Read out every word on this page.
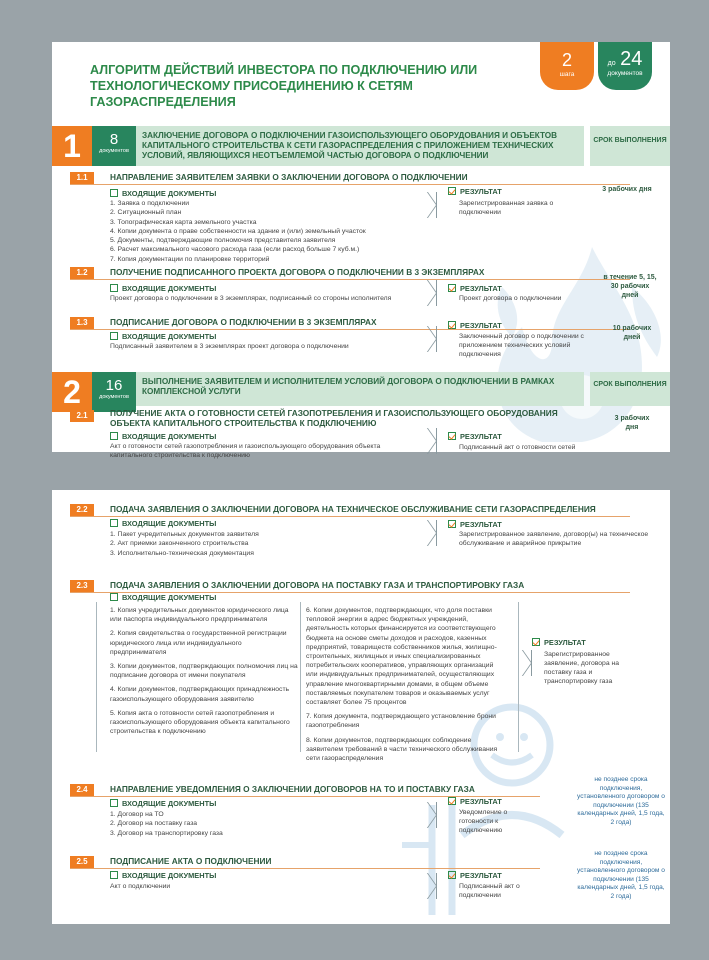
АЛГОРИТМ ДЕЙСТВИЙ ИНВЕСТОРА ПО ПОДКЛЮЧЕНИЮ ИЛИ ТЕХНОЛОГИЧЕСКОМУ ПРИСОЕДИНЕНИЮ К СЕТЯМ ГАЗОРАСПРЕДЕЛЕНИЯ
2
шага
до 24
документов
1	8
документов
ЗАКЛЮЧЕНИЕ ДОГОВОРА О ПОДКЛЮЧЕНИИ ГАЗОИСПОЛЬЗУЮЩЕГО ОБОРУДОВАНИЯ И ОБЪЕКТОВ КАПИТАЛЬНОГО СТРОИТЕЛЬСТВА К СЕТИ ГАЗОРАСПРЕДЕЛЕНИЯ С ПРИЛОЖЕНИЕМ ТЕХНИЧЕСКИХ УСЛОВИЙ, ЯВЛЯЮЩИХСЯ НЕОТЪЕМЛЕМОЙ ЧАСТЬЮ ДОГОВОРА О ПОДКЛЮЧЕНИИ
СРОК ВЫПОЛНЕНИЯ
1.1	НАПРАВЛЕНИЕ ЗАЯВИТЕЛЕМ ЗАЯВКИ О ЗАКЛЮЧЕНИИ ДОГОВОРА О ПОДКЛЮЧЕНИИ
ВХОДЯЩИЕ ДОКУМЕНТЫ
1. Заявка о подключении
2. Ситуационный план
3. Топографическая карта земельного участка
4. Копии документа о праве собственности на здание и (или) земельный участок
5. Документы, подтверждающие полномочия представителя заявителя
6. Расчет максимального часового расхода газа (если расход больше 7 куб.м.)
7. Копия документации по планировке территорий
РЕЗУЛЬТАТ
Зарегистрированная заявка о подключении
3 рабочих дня
1.2	ПОЛУЧЕНИЕ ПОДПИСАННОГО ПРОЕКТА ДОГОВОРА О ПОДКЛЮЧЕНИИ В 3 ЭКЗЕМПЛЯРАХ
ВХОДЯЩИЕ ДОКУМЕНТЫ
Проект договора о подключении в 3 экземплярах, подписанный со стороны исполнителя
РЕЗУЛЬТАТ
Проект договора о подключении
в течение 5, 15, 30 рабочих дней
1.3	ПОДПИСАНИЕ ДОГОВОРА О ПОДКЛЮЧЕНИИ В 3 ЭКЗЕМПЛЯРАХ
ВХОДЯЩИЕ ДОКУМЕНТЫ
Подписанный заявителем в 3 экземплярах проект договора о подключении
РЕЗУЛЬТАТ
Заключенный договор о подключении с приложением технических условий подключения
10 рабочих дней
2	16
документов
ВЫПОЛНЕНИЕ ЗАЯВИТЕЛЕМ И ИСПОЛНИТЕЛЕМ УСЛОВИЙ ДОГОВОРА О ПОДКЛЮЧЕНИИ В РАМКАХ КОМПЛЕКСНОЙ УСЛУГИ
СРОК ВЫПОЛНЕНИЯ
2.1	ПОЛУЧЕНИЕ АКТА О ГОТОВНОСТИ СЕТЕЙ ГАЗОПОТРЕБЛЕНИЯ И ГАЗОИСПОЛЬЗУЮЩЕГО ОБОРУДОВАНИЯ ОБЪЕКТА КАПИТАЛЬНОГО СТРОИТЕЛЬСТВА К ПОДКЛЮЧЕНИЮ
ВХОДЯЩИЕ ДОКУМЕНТЫ
Акт о готовности сетей газопотребления и газоиспользующего оборудования объекта капитального строительства к подключению
РЕЗУЛЬТАТ
Подписанный акт о готовности сетей
3 рабочих дня
2.2	ПОДАЧА ЗАЯВЛЕНИЯ О ЗАКЛЮЧЕНИИ ДОГОВОРА НА ТЕХНИЧЕСКОЕ ОБСЛУЖИВАНИЕ СЕТИ ГАЗОРАСПРЕДЕЛЕНИЯ
ВХОДЯЩИЕ ДОКУМЕНТЫ
1. Пакет учредительных документов заявителя
2. Акт приемки законченного строительства
3. Исполнительно-техническая документация
РЕЗУЛЬТАТ
Зарегистрированное заявление, договор(ы) на техническое обслуживание и аварийное прикрытие
2.3	ПОДАЧА ЗАЯВЛЕНИЯ О ЗАКЛЮЧЕНИИ ДОГОВОРА НА ПОСТАВКУ ГАЗА И ТРАНСПОРТИРОВКУ ГАЗА
ВХОДЯЩИЕ ДОКУМЕНТЫ

1. Копия учредительных документов юридического лица или паспорта индивидуального предпринимателя

2. Копия свидетельства о государственной регистрации юридического лица или индивидуального предпринимателя

3. Копии документов, подтверждающих полномочия лиц на подписание договора от имени покупателя

4. Копии документов, подтверждающих принадлежность газоиспользующего оборудования заявителю

5. Копия акта о готовности сетей газопотребления и газоиспользующего оборудования объекта капитального строительства к подключению

6. Копии документов, подтверждающих, что доля поставки тепловой энергии в адрес бюджетных учреждений, деятельность которых финансируется из соответствующего бюджета на основе сметы доходов и расходов, казенных предприятий, товариществ собственников жилья, жилищно-строительных, жилищных и иных специализированных потребительских кооперативов, управляющих организаций или индивидуальных предпринимателей, осуществляющих управление многоквартирными домами, в общем объеме поставляемых покупателем товаров и оказываемых услуг составляет более 75 процентов

7. Копия документа, подтверждающего установление брони газопотребления

8. Копии документов, подтверждающих соблюдение заявителем требований в части технического обслуживания сети газораспределения

РЕЗУЛЬТАТ
Зарегистрированное заявление, договора на поставку газа и транспортировку газа
2.4	НАПРАВЛЕНИЕ УВЕДОМЛЕНИЯ О ЗАКЛЮЧЕНИИ ДОГОВОРОВ НА ТО И ПОСТАВКУ ГАЗА
ВХОДЯЩИЕ ДОКУМЕНТЫ
1. Договор на ТО
2. Договор на поставку газа
3. Договор на транспортировку газа
РЕЗУЛЬТАТ
Уведомление о готовности к подключению
не позднее срока подключения, установленного договором о подключении (135 календарных дней, 1,5 года, 2 года)
2.5	ПОДПИСАНИЕ АКТА О ПОДКЛЮЧЕНИИ
ВХОДЯЩИЕ ДОКУМЕНТЫ
Акт о подключении
РЕЗУЛЬТАТ
Подписанный акт о подключении
не позднее срока подключения, установленного договором о подключении (135 календарных дней, 1,5 года, 2 года)
